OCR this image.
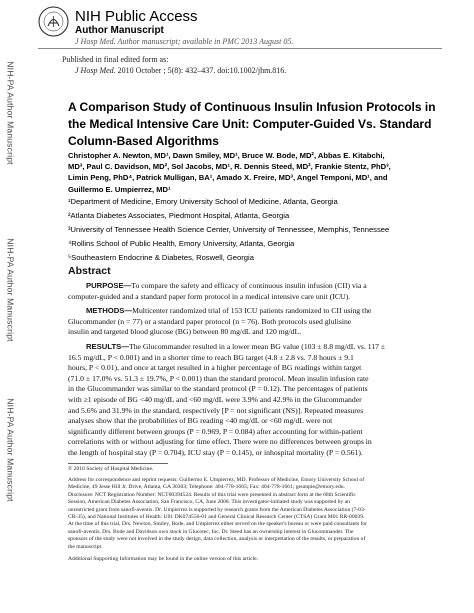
NIH-PA Author Manuscript
NIH-PA Author Manuscript
NIH-PA Author Manuscript
NIH Public Access
Author Manuscript
J Hosp Med. Author manuscript; available in PMC 2013 August 05.
Published in final edited form as:
J Hosp Med. 2010 October ; 5(8): 432–437. doi:10.1002/jhm.816.
A Comparison Study of Continuous Insulin Infusion Protocols in
the Medical Intensive Care Unit: Computer-Guided Vs. Standard
Column-Based Algorithms
Christopher A. Newton, MD¹, Dawn Smiley, MD¹, Bruce W. Bode, MD², Abbas E. Kitabchi,
MD³, Paul C. Davidson, MD², Sol Jacobs, MD¹, R. Dennis Steed, MD², Frankie Stentz, PhD³,
Limin Peng, PhD⁴, Patrick Mulligan, BA¹, Amado X. Freire, MD³, Angel Temponi, MD¹, and
Guillermo E. Umpierrez, MD¹
¹Department of Medicine, Emory University School of Medicine, Atlanta, Georgia
²Atlanta Diabetes Associates, Piedmont Hospital, Atlanta, Georgia
³University of Tennessee Health Science Center, University of Tennessee, Memphis, Tennessee
⁴Rollins School of Public Health, Emory University, Atlanta, Georgia
⁵Southeastern Endocrine & Diabetes, Roswell, Georgia
Abstract
PURPOSE—To compare the safety and efficacy of continuous insulin infusion (CII) via a
computer-guided and a standard paper form protocol in a medical intensive care unit (ICU).
METHODS—Multicenter randomized trial of 153 ICU patients randomized to CII using the
Glucommander (n = 77) or a standard paper protocol (n = 76). Both protocols used glulisine
insulin and targeted blood glucose (BG) between 80 mg/dL and 120 mg/dL.
RESULTS—The Glucommander resulted in a lower mean BG value (103 ± 8.8 mg/dL vs. 117 ±
16.5 mg/dL, P < 0.001) and in a shorter time to reach BG target (4.8 ± 2.8 vs. 7.8 hours ± 9.1
hours, P < 0.01), and once at target resulted in a higher percentage of BG readings within target
(71.0 ± 17.0% vs. 51.3 ± 19.7%, P < 0.001) than the standard protocol. Mean insulin infusion rate
in the Glucommander was similar to the standard protocol (P = 0.12). The percentages of patients
with ≥1 episode of BG <40 mg/dL and <60 mg/dL were 3.9% and 42.9% in the Glucommander
and 5.6% and 31.9% in the standard, respectively [P = not significant (NS)]. Repeated measures
analyses show that the probabilities of BG reading <40 mg/dL or <60 mg/dL were not
significantly different between groups (P = 0.969, P = 0.084) after accounting for within-patient
correlations with or without adjusting for time effect. There were no differences between groups in
the length of hospital stay (P = 0.704), ICU stay (P = 0.145), or inhospital mortality (P = 0.561).
© 2010 Society of Hospital Medicine.
Address for correspondence and reprint requests: Guillermo E. Umpierrez, MD, Professor of Medicine, Emory University School of
Medicine, 49 Jesse Hill Jr. Drive, Atlanta, GA 30303; Telephone: 404-778-1665; Fax: 404-778-1661; geumpie@emory.edu.
Disclosure: NCT Registration Number: NCT00394524. Results of this trial were presented in abstract form at the 68th Scientific
Session, American Diabetes Association, San Francisco, CA, June 2008. This investigator-initiated study was supported by an
unrestricted grant from sanofi-aventis. Dr. Umpierrez is supported by research grants from the American Diabetes Association (7-03-
CR-35), and National Institutes of Health: U01 DK074556-01 and General Clinical Research Center (CTSA) Grant M01 RR-00039.
At the time of this trial, Drs. Newton, Smiley, Bode, and Umpierrez either served on the speaker's bureau or were paid consultants for
sanofi-aventis. Drs. Bode and Davidson own stock in Glucotec, Inc. Dr. Steed has an ownership interest in Glucommander. The
sponsors of the study were not involved in the study design, data collection, analysis or interpretation of the results, or preparation of
the manuscript.
Additional Supporting Information may be found in the online version of this article.
